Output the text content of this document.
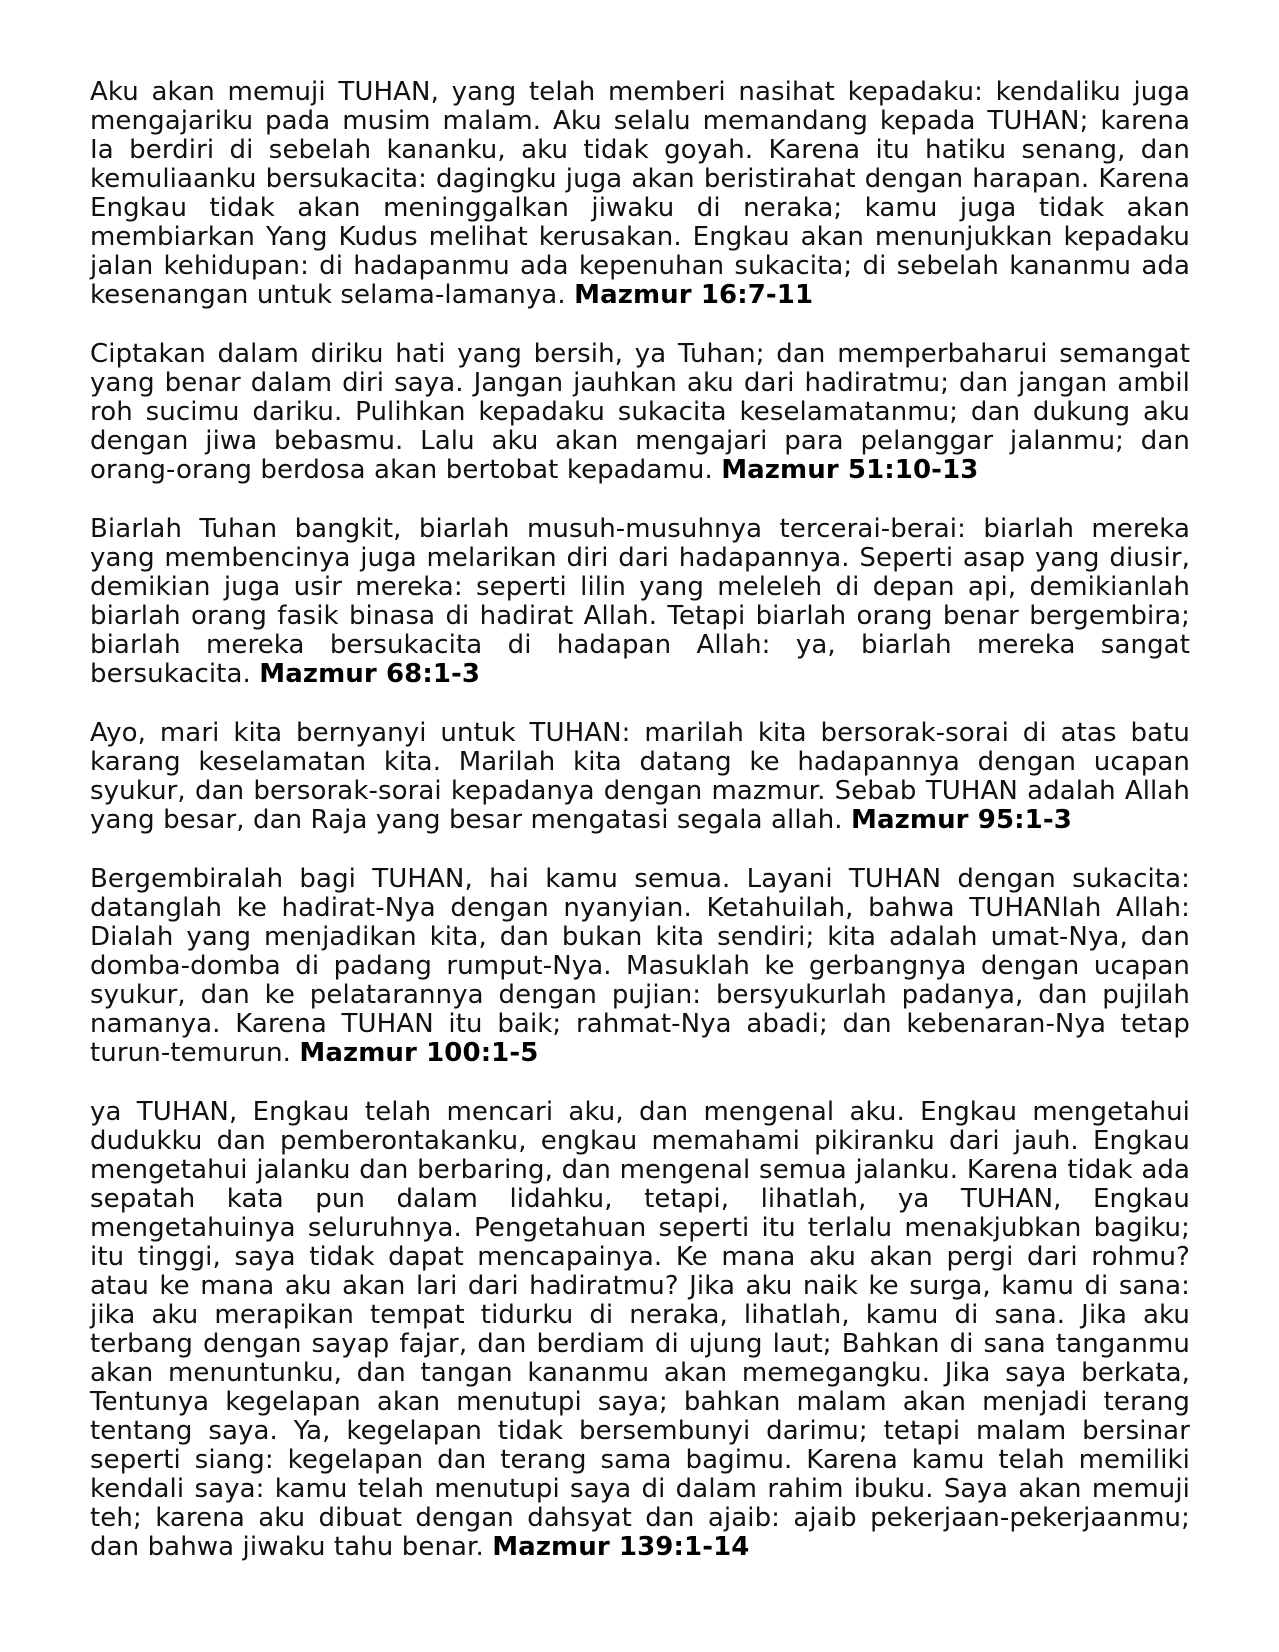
Aku akan memuji TUHAN, yang telah memberi nasihat kepadaku: kendaliku juga mengajariku pada musim malam. Aku selalu memandang kepada TUHAN; karena Ia berdiri di sebelah kananku, aku tidak goyah. Karena itu hatiku senang, dan kemuliaanku bersukacita: dagingku juga akan beristirahat dengan harapan. Karena Engkau tidak akan meninggalkan jiwaku di neraka; kamu juga tidak akan membiarkan Yang Kudus melihat kerusakan. Engkau akan menunjukkan kepadaku jalan kehidupan: di hadapanmu ada kepenuhan sukacita; di sebelah kananmu ada kesenangan untuk selama-lamanya. Mazmur 16:7-11

Ciptakan dalam diriku hati yang bersih, ya Tuhan; dan memperbaharui semangat yang benar dalam diri saya. Jangan jauhkan aku dari hadiratmu; dan jangan ambil roh sucimu dariku. Pulihkan kepadaku sukacita keselamatanmu; dan dukung aku dengan jiwa bebasmu. Lalu aku akan mengajari para pelanggar jalanmu; dan orang-orang berdosa akan bertobat kepadamu. Mazmur 51:10-13

Biarlah Tuhan bangkit, biarlah musuh-musuhnya tercerai-berai: biarlah mereka yang membencinya juga melarikan diri dari hadapannya. Seperti asap yang diusir, demikian juga usir mereka: seperti lilin yang meleleh di depan api, demikianlah biarlah orang fasik binasa di hadirat Allah. Tetapi biarlah orang benar bergembira; biarlah mereka bersukacita di hadapan Allah: ya, biarlah mereka sangat bersukacita. Mazmur 68:1-3

Ayo, mari kita bernyanyi untuk TUHAN: marilah kita bersorak-sorai di atas batu karang keselamatan kita. Marilah kita datang ke hadapannya dengan ucapan syukur, dan bersorak-sorai kepadanya dengan mazmur. Sebab TUHAN adalah Allah yang besar, dan Raja yang besar mengatasi segala allah. Mazmur 95:1-3

Bergembiralah bagi TUHAN, hai kamu semua. Layani TUHAN dengan sukacita: datanglah ke hadirat-Nya dengan nyanyian. Ketahuilah, bahwa TUHANlah Allah: Dialah yang menjadikan kita, dan bukan kita sendiri; kita adalah umat-Nya, dan domba-domba di padang rumput-Nya. Masuklah ke gerbangnya dengan ucapan syukur, dan ke pelatarannya dengan pujian: bersyukurlah padanya, dan pujilah namanya. Karena TUHAN itu baik; rahmat-Nya abadi; dan kebenaran-Nya tetap turun-temurun. Mazmur 100:1-5

ya TUHAN, Engkau telah mencari aku, dan mengenal aku. Engkau mengetahui dudukku dan pemberontakanku, engkau memahami pikiranku dari jauh. Engkau mengetahui jalanku dan berbaring, dan mengenal semua jalanku. Karena tidak ada sepatah kata pun dalam lidahku, tetapi, lihatlah, ya TUHAN, Engkau mengetahuinya seluruhnya. Pengetahuan seperti itu terlalu menakjubkan bagiku; itu tinggi, saya tidak dapat mencapainya. Ke mana aku akan pergi dari rohmu? atau ke mana aku akan lari dari hadiratmu? Jika aku naik ke surga, kamu di sana: jika aku merapikan tempat tidurku di neraka, lihatlah, kamu di sana. Jika aku terbang dengan sayap fajar, dan berdiam di ujung laut; Bahkan di sana tanganmu akan menuntunku, dan tangan kananmu akan memegangku. Jika saya berkata, Tentunya kegelapan akan menutupi saya; bahkan malam akan menjadi terang tentang saya. Ya, kegelapan tidak bersembunyi darimu; tetapi malam bersinar seperti siang: kegelapan dan terang sama bagimu. Karena kamu telah memiliki kendali saya: kamu telah menutupi saya di dalam rahim ibuku. Saya akan memuji teh; karena aku dibuat dengan dahsyat dan ajaib: ajaib pekerjaan-pekerjaanmu; dan bahwa jiwaku tahu benar. Mazmur 139:1-14
